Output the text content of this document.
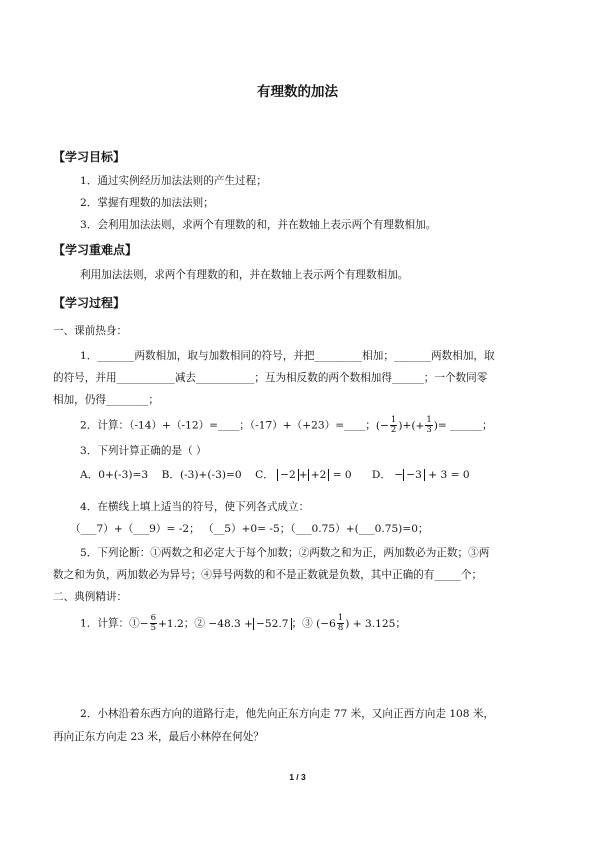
有理数的加法
【学习目标】
1．通过实例经历加法法则的产生过程；
2．掌握有理数的加法法则；
3．会利用加法法则，求两个有理数的和，并在数轴上表示两个有理数相加。
【学习重难点】
利用加法法则，求两个有理数的和，并在数轴上表示两个有理数相加。
【学习过程】
一、课前热身：
1．_______两数相加，取与加数相同的符号，并把_________相加；_______两数相加，取
的符号，并用___________减去___________；互为相反数的两个数相加得______；一个数同零
相加，仍得________；
2．计算：（-14）+（-12）=____；（-17）+（+23）=____；(− $\frac{1}{2}$ )+(+ $\frac{1}{3}$ )= ______；
3．下列计算正确的是（ ）
A．0+(-3)=3 B．(-3)+(-3)=0 C． −2 + +2 = 0 D． − −3 + 3 = 0
4．在横线上填上适当的符号，使下列各式成立：
（___7）+（___9）= -2； （__5）+0= -5；（___0.75）+(___0.75)=0；
5．下列论断：①两数之和必定大于每个加数；②两数之和为正，两加数必为正数；③两
数之和为负，两加数必为异号；④异号两数的和不是正数就是负数，其中正确的有_____个；
二、典例精讲：
1．计算：①− $\frac{6}{5} +1.2$；② −48.3 + −52.7 ；③ ($-6 \frac{1}{8}$ ) + 3.125；
2．小林沿着东西方向的道路行走，他先向正东方向走 77 米，又向正西方向走 108 米，
再向正东方向走 23 米，最后小林停在何处？
1 / 3
